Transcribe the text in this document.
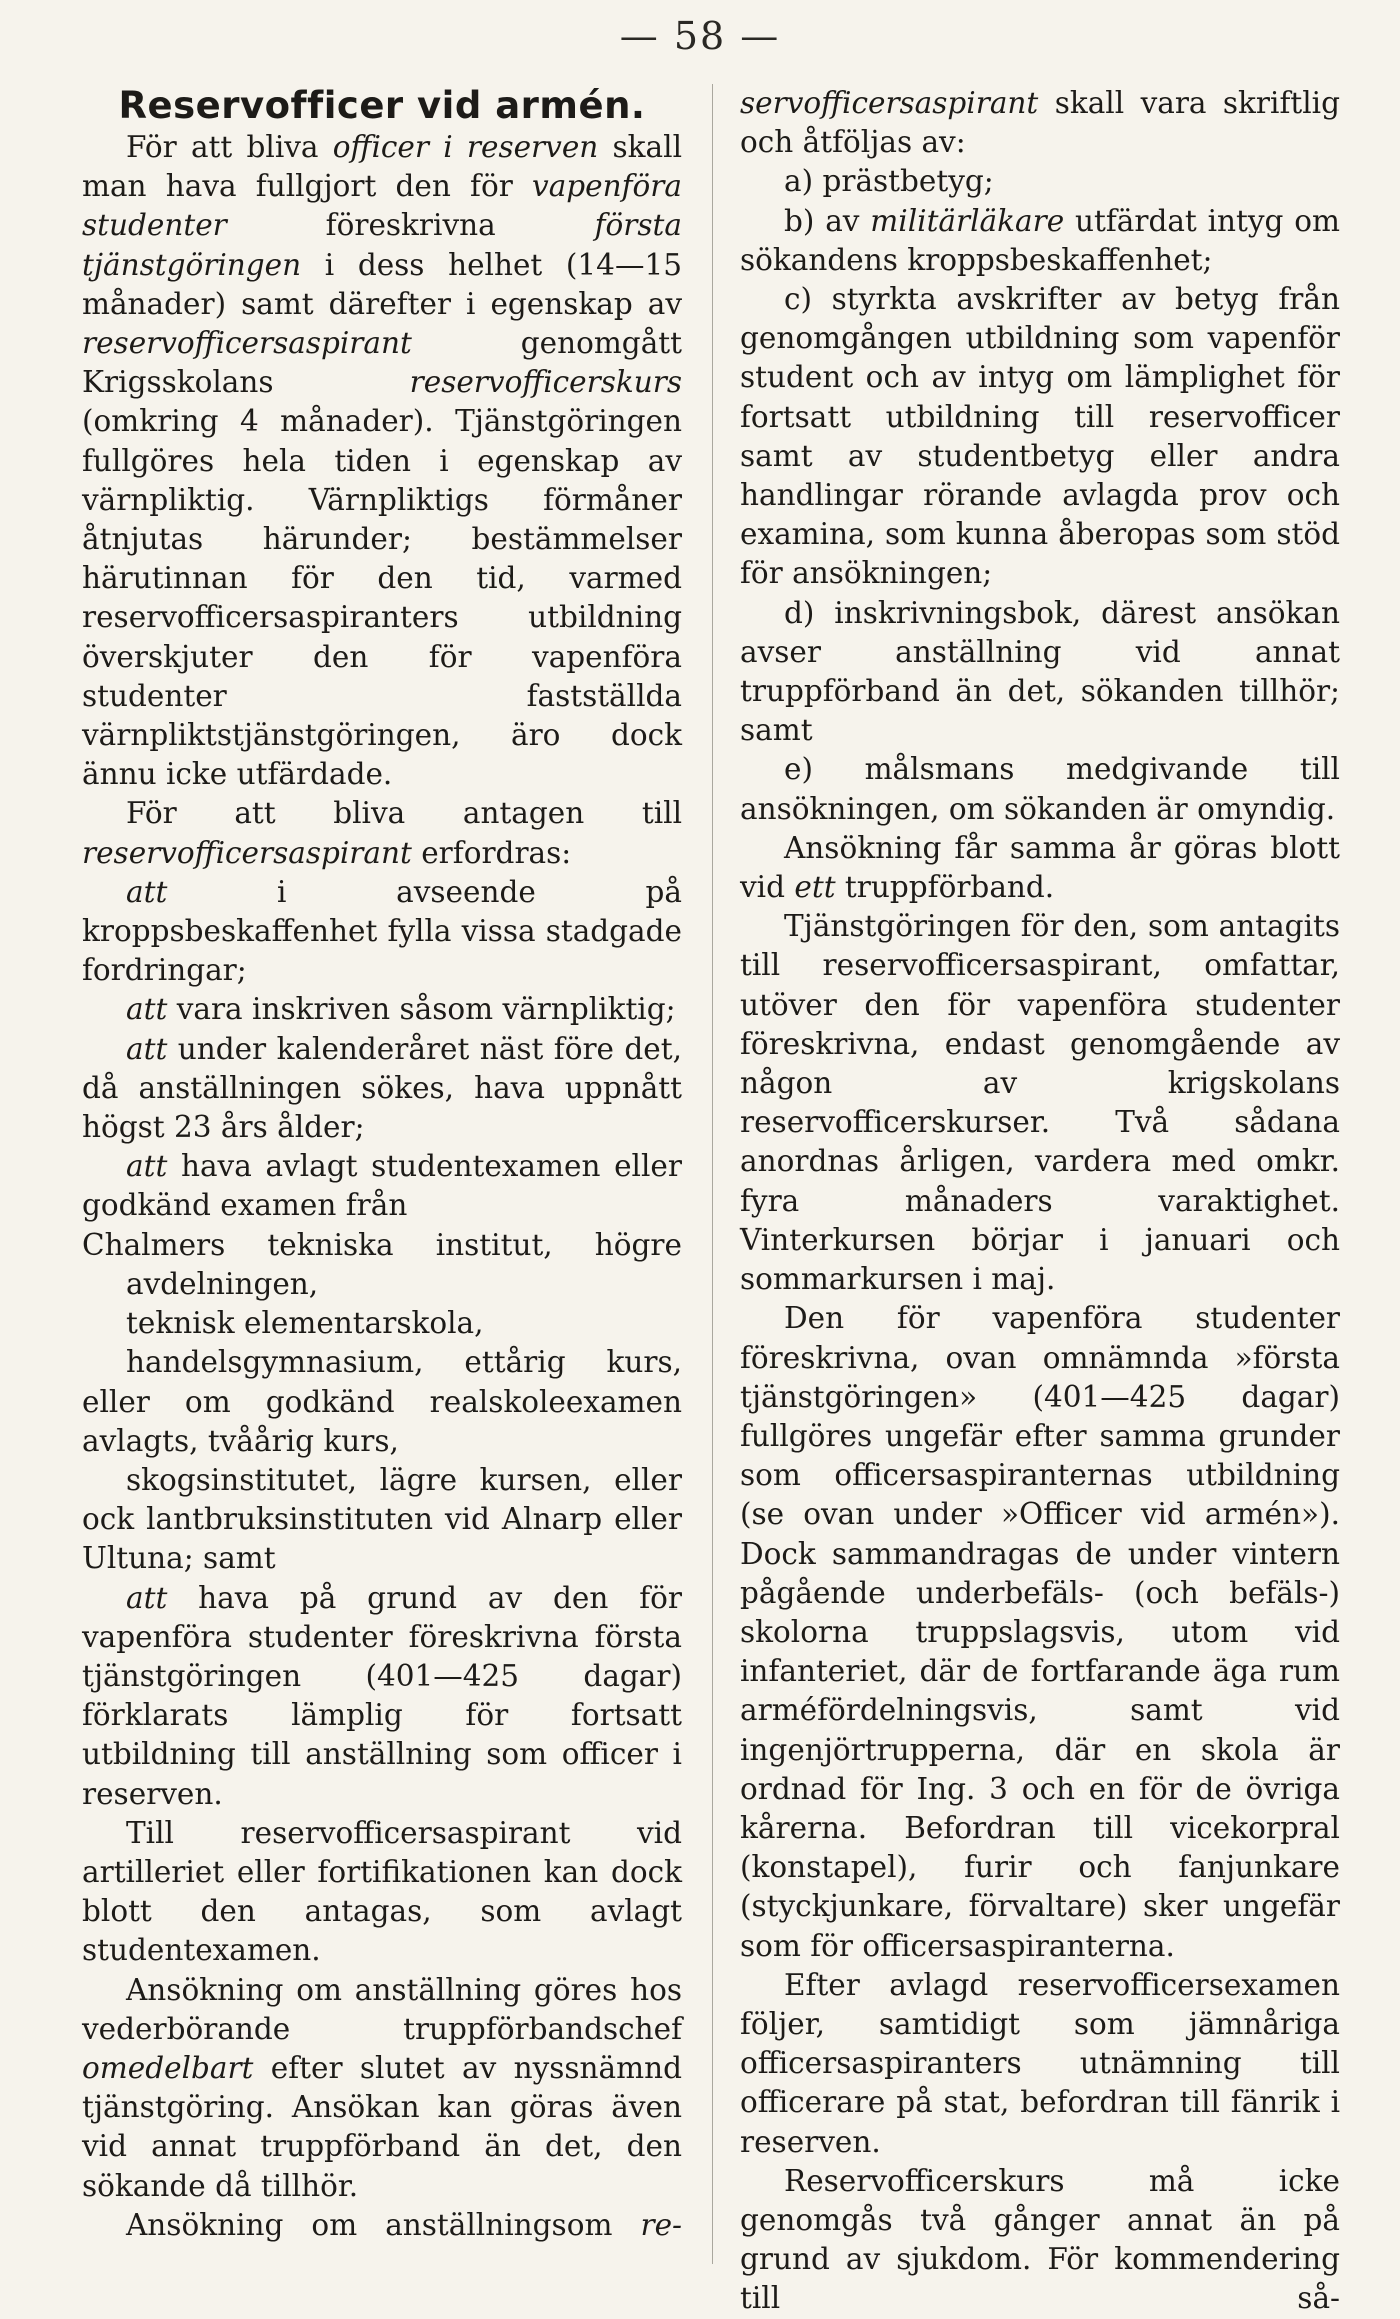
— 58 —
Reservofficer vid armén.

För att bliva officer i reserven skall man hava fullgjort den för vapenföra studenter föreskrivna första tjänstgöringen i dess helhet (14—15 månader) samt därefter i egenskap av reservofficersaspirant genomgått Krigsskolans reservofficerskurs (omkring 4 månader). Tjänstgöringen fullgöres hela tiden i egenskap av värnpliktig. Värnpliktigs förmåner åtnjutas härunder; bestämmelser härutinnan för den tid, varmed reservofficersaspiranters utbildning överskjuter den för vapenföra studenter fastställda värnpliktstjänstgöringen, äro dock ännu icke utfärdade.

För att bliva antagen till reservofficersaspirant erfordras:

att i avseende på kroppsbeskaffenhet fylla vissa stadgade fordringar;

att vara inskriven såsom värnpliktig;

att under kalenderåret näst före det, då anställningen sökes, hava uppnått högst 23 års ålder;

att hava avlagt studentexamen eller godkänd examen från

Chalmers tekniska institut, högre avdelningen,

teknisk elementarskola,

handelsgymnasium, ettårig kurs, eller om godkänd realskoleexamen avlagts, tvåårig kurs,

skogsinstitutet, lägre kursen, eller ock lantbruksinstituten vid Alnarp eller Ultuna; samt

att hava på grund av den för vapenföra studenter föreskrivna första tjänstgöringen (401—425 dagar) förklarats lämplig för fortsatt utbildning till anställning som officer i reserven.

Till reservofficersaspirant vid artilleriet eller fortifikationen kan dock blott den antagas, som avlagt studentexamen.

Ansökning om anställning göres hos vederbörande truppförbandschef omedelbart efter slutet av nyssnämnd tjänstgöring. Ansökan kan göras även vid annat truppförband än det, den sökande då tillhör.

Ansökning om anställningsom re-

servofficersaspirant skall vara skriftlig och åtföljas av:

a) prästbetyg;

b) av militärläkare utfärdat intyg om sökandens kroppsbeskaffenhet;

c) styrkta avskrifter av betyg från genomgången utbildning som vapenför student och av intyg om lämplighet för fortsatt utbildning till reservofficer samt av studentbetyg eller andra handlingar rörande avlagda prov och examina, som kunna åberopas som stöd för ansökningen;

d) inskrivningsbok, därest ansökan avser anställning vid annat truppförband än det, sökanden tillhör; samt

e) målsmans medgivande till ansökningen, om sökanden är omyndig.

Ansökning får samma år göras blott vid ett truppförband.

Tjänstgöringen för den, som antagits till reservofficersaspirant, omfattar, utöver den för vapenföra studenter föreskrivna, endast genomgående av någon av krigskolans reservofficerskurser. Två sådana anordnas årligen, vardera med omkr. fyra månaders varaktighet. Vinterkursen börjar i januari och sommarkursen i maj.

Den för vapenföra studenter föreskrivna, ovan omnämnda »första tjänstgöringen» (401—425 dagar) fullgöres ungefär efter samma grunder som officersaspiranternas utbildning (se ovan under »Officer vid armén»). Dock sammandragas de under vintern pågående underbefäls- (och befäls-) skolorna truppslagsvis, utom vid infanteriet, där de fortfarande äga rum arméfördelningsvis, samt vid ingenjörtrupperna, där en skola är ordnad för Ing. 3 och en för de övriga kårerna. Befordran till vicekorpral (konstapel), furir och fanjunkare (styckjunkare, förvaltare) sker ungefär som för officersaspiranterna.

Efter avlagd reservofficersexamen följer, samtidigt som jämnåriga officersaspiranters utnämning till officerare på stat, befordran till fänrik i reserven.

Reservofficerskurs må icke genomgås två gånger annat än på grund av sjukdom. För kommendering till så-
